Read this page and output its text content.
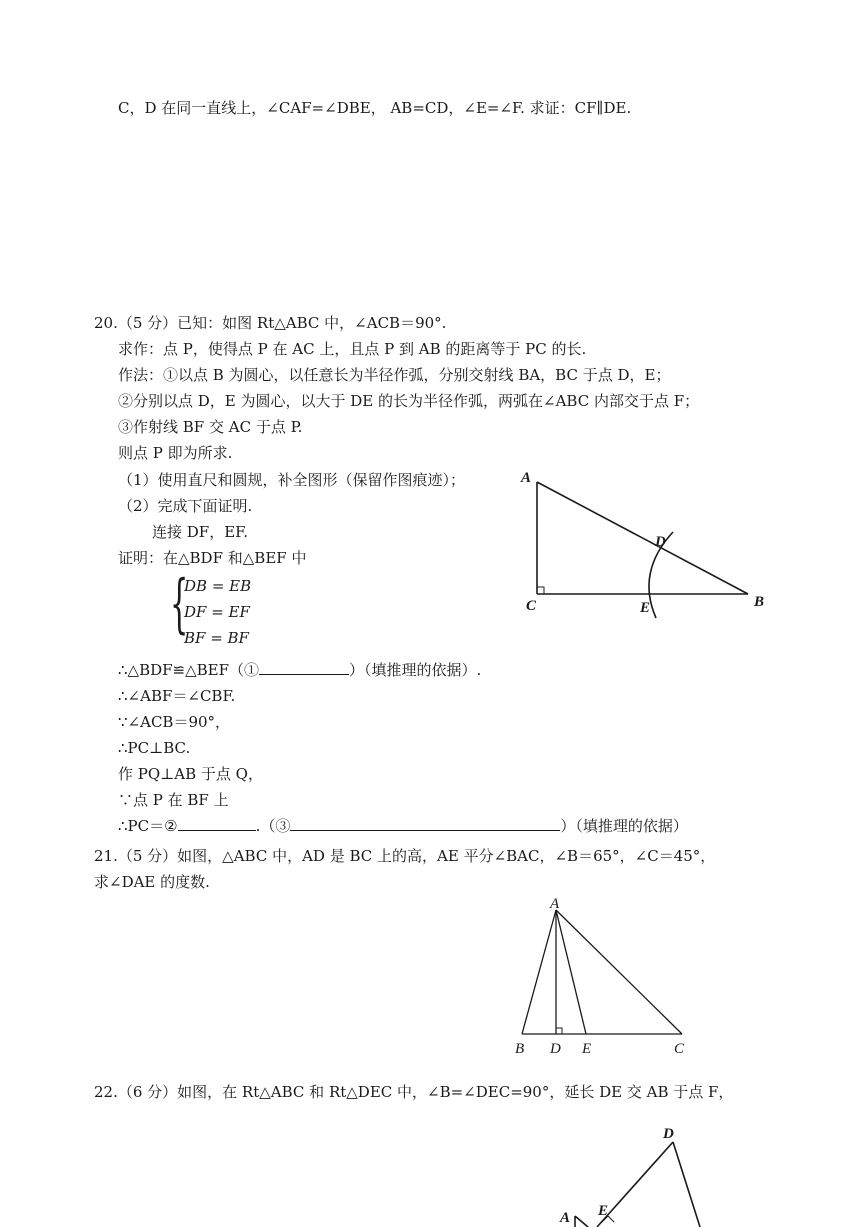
C，D 在同一直线上，∠CAF=∠DBE， AB=CD，∠E=∠F. 求证：CF∥DE.
20.（5 分）已知：如图 Rt△ABC 中，∠ACB＝90°.
求作：点 P，使得点 P 在 AC 上，且点 P 到 AB 的距离等于 PC 的长.
作法：①以点 B 为圆心，以任意长为半径作弧，分别交射线 BA，BC 于点 D，E；
②分别以点 D，E 为圆心，以大于 DE 的长为半径作弧，两弧在∠ABC 内部交于点 F；
③作射线 BF 交 AC 于点 P.
则点 P 即为所求.
（1）使用直尺和圆规，补全图形（保留作图痕迹）；
（2）完成下面证明.
连接 DF，EF.
证明：在△BDF 和△BEF 中
{
DB = EB
DF = EF
BF = BF
∴△BDF≌△BEF（①	）（填推理的依据）.
∴∠ABF＝∠CBF.
∵∠ACB＝90°，
∴PC⊥BC.
作 PQ⊥AB 于点 Q，
∵点 P 在 BF 上
∴PC＝②	.（③	）（填推理的依据）
A
C	B
D
E
21.（5 分）如图，△ABC 中，AD 是 BC 上的高，AE 平分∠BAC，∠B＝65°，∠C＝45°，
求∠DAE 的度数.
A
B D E	C
22.（6 分）如图，在 Rt△ABC 和 Rt△DEC 中，∠B=∠DEC=90°，延长 DE 交 AB 于点 F，
D
A E
